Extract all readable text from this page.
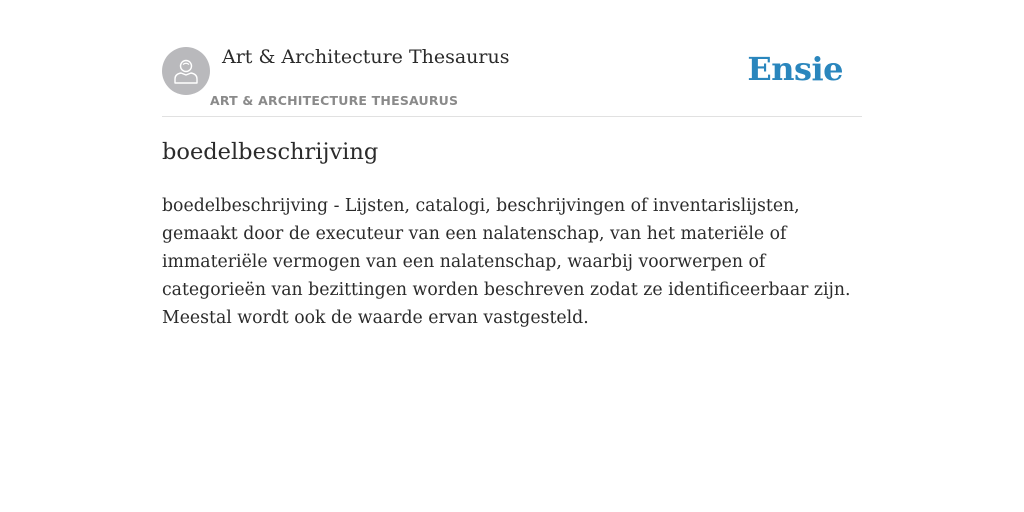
Art & Architecture Thesaurus
ART & ARCHITECTURE THESAURUS
Ensie
boedelbeschrijving

boedelbeschrijving - Lijsten, catalogi, beschrijvingen of inventarislijsten, gemaakt door de executeur van een nalatenschap, van het materiële of immateriële vermogen van een nalatenschap, waarbij voorwerpen of categorieën van bezittingen worden beschreven zodat ze identificeerbaar zijn. Meestal wordt ook de waarde ervan vastgesteld.
